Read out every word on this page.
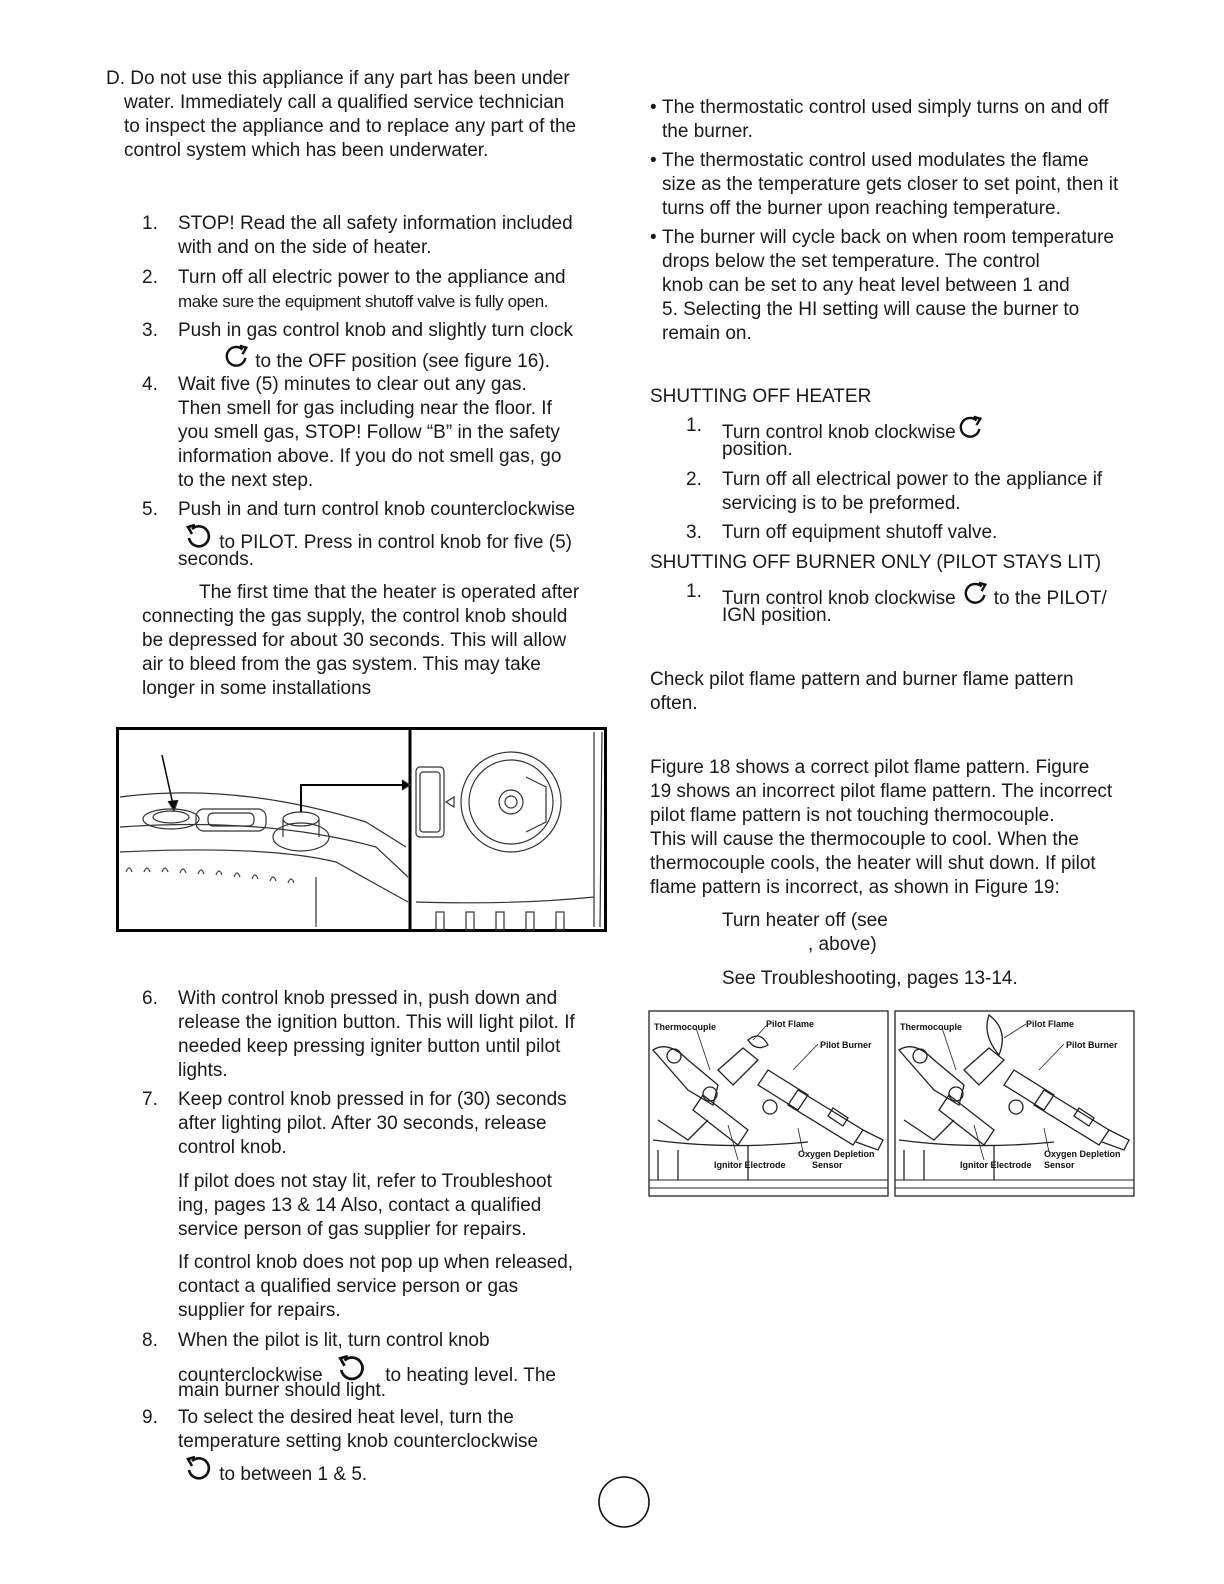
D. Do not use this appliance if any part has been under

water. Immediately call a qualified service technician

to inspect the appliance and to replace any part of the

control system which has been underwater.

1.	STOP! Read the all safety information included

with and on the side of heater.

2.	Turn off all electric power to the appliance and

make sure the equipment shutoff valve is fully open.

3.	Push in gas control knob and slightly turn clock

to the OFF position (see figure 16).

4.	Wait five (5) minutes to clear out any gas.

Then smell for gas including near the floor. If

you smell gas, STOP! Follow “B” in the safety

information above. If you do not smell gas, go

to the next step.

5.	Push in and turn control knob counterclockwise

to PILOT. Press in control knob for five (5)

seconds.

The first time that the heater is operated after

connecting the gas supply, the control knob should

be depressed for about 30 seconds. This will allow

air to bleed from the gas system. This may take

longer in some installations

6.	With control knob pressed in, push down and

release the ignition button. This will light pilot. If

needed keep pressing igniter button until pilot

lights.

7.	Keep control knob pressed in for (30) seconds

after lighting pilot. After 30 seconds, release

control knob.

If pilot does not stay lit, refer to Troubleshoot

ing, pages 13 & 14 Also, contact a qualified

service person of gas supplier for repairs.

If control knob does not pop up when released,

contact a qualified service person or gas

supplier for repairs.

8.	When the pilot is lit, turn control knob

counterclockwise	to heating level. The

main burner should light.

9.	To select the desired heat level, turn the

temperature setting knob counterclockwise

to between 1 & 5.

• The thermostatic control used simply turns on and off

the burner.

• The thermostatic control used modulates the flame

size as the temperature gets closer to set point, then it

turns off the burner upon reaching temperature.

• The burner will cycle back on when room temperature

drops below the set temperature. The control

knob can be set to any heat level between 1 and

5. Selecting the HI setting will cause the burner to

remain on.

SHUTTING OFF HEATER

1.	Turn control knob clockwise

position.

2.	Turn off all electrical power to the appliance if

servicing is to be preformed.

3.	Turn off equipment shutoff valve.

SHUTTING OFF BURNER ONLY (PILOT STAYS LIT)

1.	Turn control knob clockwise to the PILOT/

IGN position.

Check pilot flame pattern and burner flame pattern

often.

Figure 18 shows a correct pilot flame pattern. Figure

19 shows an incorrect pilot flame pattern. The incorrect

pilot flame pattern is not touching thermocouple.

This will cause the thermocouple to cool. When the

thermocouple cools, the heater will shut down. If pilot

flame pattern is incorrect, as shown in Figure 19:

Turn heater off (see

, above)

See Troubleshooting, pages 13-14.

Thermocouple	Pilot Flame
Pilot Burner
Oxygen Depletion
Sensor
Ignitor Electrode
Thermocouple	Pilot Flame
Pilot Burner
Oxygen Depletion
Sensor
Ignitor Electrode
